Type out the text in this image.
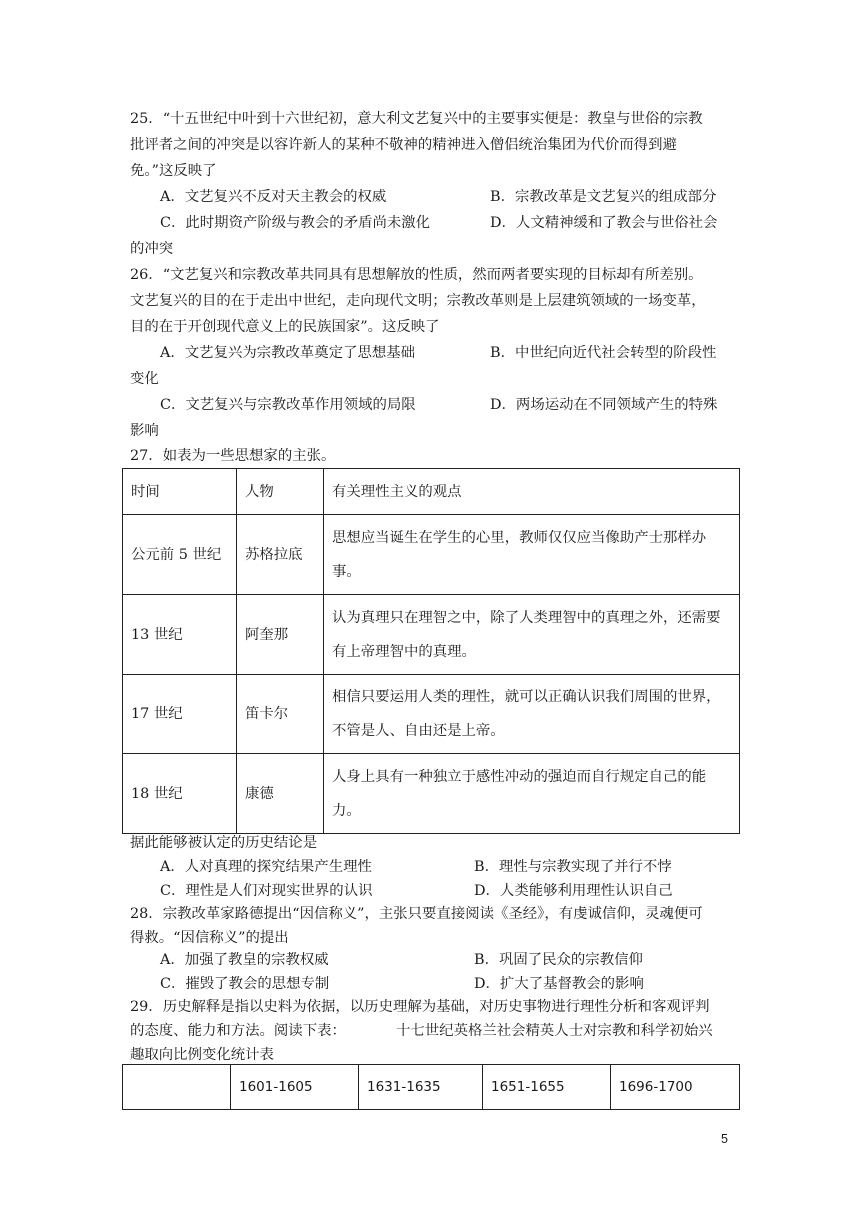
25．“十五世纪中叶到十六世纪初，意大利文艺复兴中的主要事实便是：教皇与世俗的宗教
批评者之间的冲突是以容许新人的某种不敬神的精神进入僧侣统治集团为代价而得到避
免。”这反映了
A．文艺复兴不反对天主教会的权威	B．宗教改革是文艺复兴的组成部分
C．此时期资产阶级与教会的矛盾尚未激化	D．人文精神缓和了教会与世俗社会
的冲突
26．“文艺复兴和宗教改革共同具有思想解放的性质，然而两者要实现的目标却有所差别。
文艺复兴的目的在于走出中世纪，走向现代文明；宗教改革则是上层建筑领域的一场变革，
目的在于开创现代意义上的民族国家”。这反映了
A．文艺复兴为宗教改革奠定了思想基础	B．中世纪向近代社会转型的阶段性
变化
C．文艺复兴与宗教改革作用领域的局限	D．两场运动在不同领域产生的特殊
影响
27．如表为一些思想家的主张。
时间	人物	有关理性主义的观点
公元前 5 世纪	苏格拉底	思想应当诞生在学生的心里，教师仅仅应当像助产士那样办事。
13 世纪	阿奎那	认为真理只在理智之中，除了人类理智中的真理之外，还需要有上帝理智中的真理。
17 世纪	笛卡尔	相信只要运用人类的理性，就可以正确认识我们周围的世界，不管是人、自由还是上帝。
18 世纪	康德	人身上具有一种独立于感性冲动的强迫而自行规定自己的能力。
据此能够被认定的历史结论是
A．人对真理的探究结果产生理性	B．理性与宗教实现了并行不悖
C．理性是人们对现实世界的认识	D．人类能够利用理性认识自己
28．宗教改革家路德提出“因信称义”，主张只要直接阅读《圣经》，有虔诚信仰，灵魂便可
得救。“因信称义”的提出
A．加强了教皇的宗教权威	B．巩固了民众的宗教信仰
C．摧毁了教会的思想专制	D．扩大了基督教会的影响
29．历史解释是指以史料为依据，以历史理解为基础，对历史事物进行理性分析和客观评判
的态度、能力和方法。阅读下表：	十七世纪英格兰社会精英人士对宗教和科学初始兴
趣取向比例变化统计表
	1601-1605	1631-1635	1651-1655	1696-1700
5
